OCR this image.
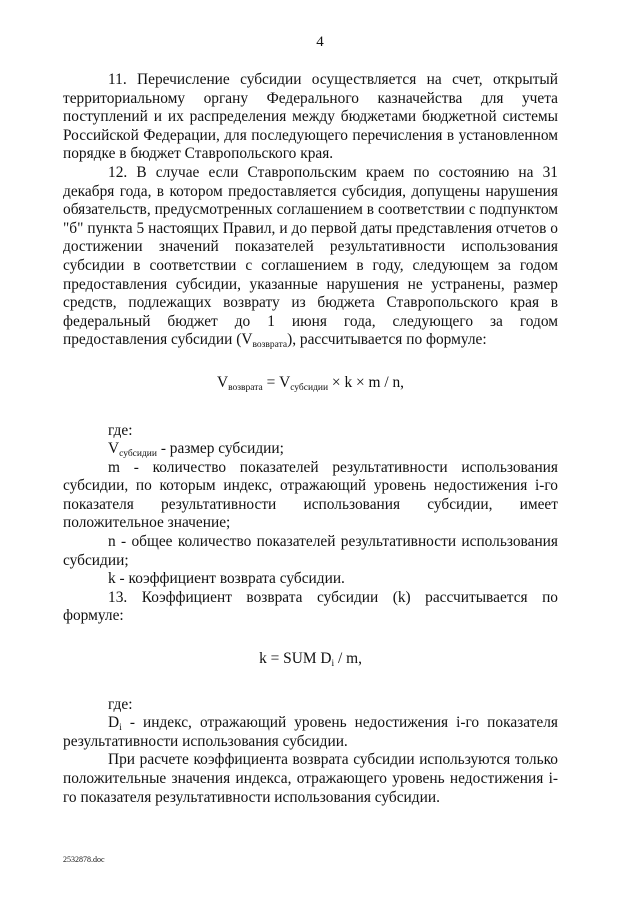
4

11. Перечисление субсидии осуществляется на счет, открытый территориальному органу Федерального казначейства для учета поступлений и их распределения между бюджетами бюджетной системы Российской Федерации, для последующего перечисления в установленном порядке в бюджет Ставропольского края.

12. В случае если Ставропольским краем по состоянию на 31 декабря года, в котором предоставляется субсидия, допущены нарушения обязательств, предусмотренных соглашением в соответствии с подпунктом "б" пункта 5 настоящих Правил, и до первой даты представления отчетов о достижении значений показателей результативности использования субсидии в соответствии с соглашением в году, следующем за годом предоставления субсидии, указанные нарушения не устранены, размер средств, подлежащих возврату из бюджета Ставропольского края в федеральный бюджет до 1 июня года, следующего за годом предоставления субсидии $(V_{возврата})$, рассчитывается по формуле:

$V_{возврата} = V_{субсидии} \times k \times m / n$,

где:

$V_{субсидии}$ - размер субсидии;

m - количество показателей результативности использования субсидии, по которым индекс, отражающий уровень недостижения i-го показателя результативности использования субсидии, имеет положительное значение;

n - общее количество показателей результативности использования субсидии;

k - коэффициент возврата субсидии.

13. Коэффициент возврата субсидии (k) рассчитывается по формуле:

k = SUM $D_i$ / m,

где:

$D_i$ - индекс, отражающий уровень недостижения i-го показателя результативности использования субсидии.

При расчете коэффициента возврата субсидии используются только положительные значения индекса, отражающего уровень недостижения i-го показателя результативности использования субсидии.

2532878.doc
